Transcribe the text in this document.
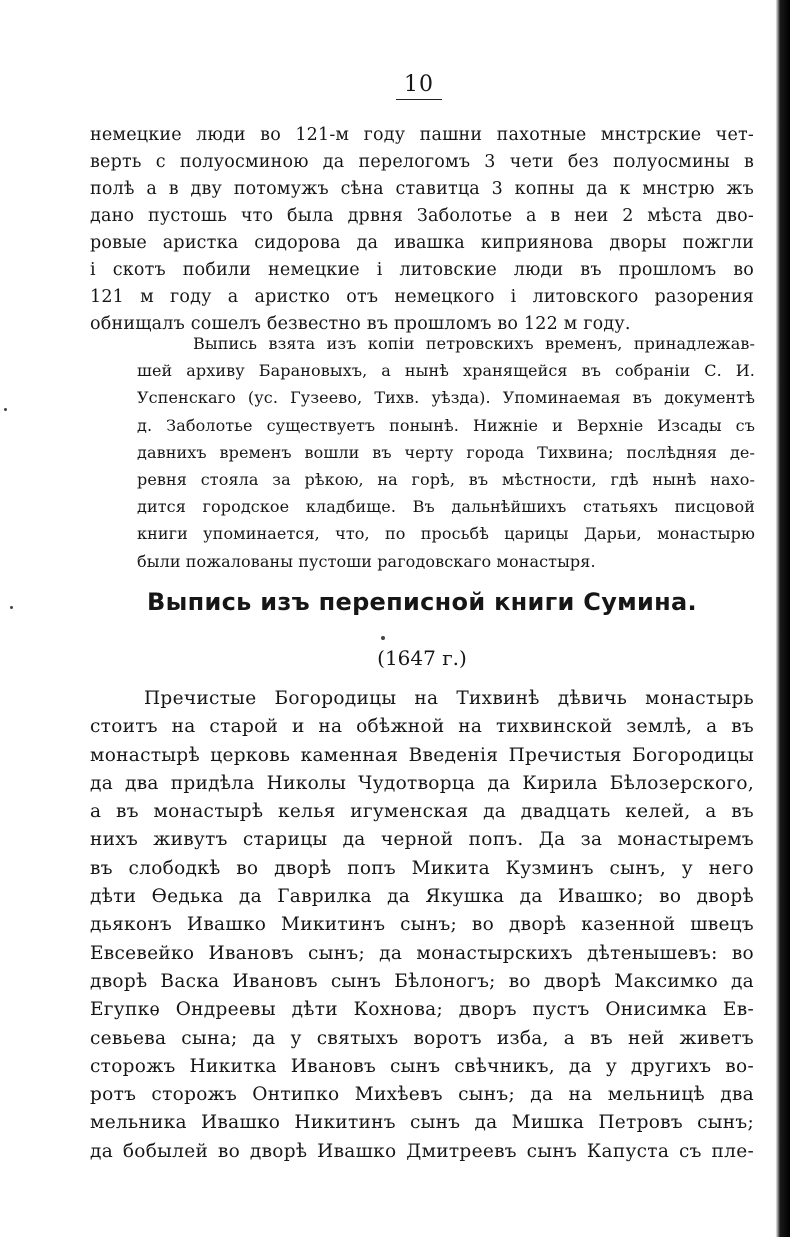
10
немецкие люди во 121-м году пашни пахотные мнстрские чет-
верть с полуосминою да перелогомъ 3 чети без полуосмины в
полѣ а в дву потомужъ сѣна ставитца 3 копны да к мнстрю жъ
дано пустошь что была дрвня Заболотье а в неи 2 мѣста дво-
ровые аристка сидорова да ивашка киприянова дворы пожгли
і скотъ побили немецкие і литовские люди въ прошломъ во
121 м году а аристко отъ немецкого і литовского разорения
обнищалъ сошелъ безвестно въ прошломъ во 122 м году.
Выпись взята изъ копіи петровскихъ временъ, принадлежав-
шей архиву Барановыхъ, а нынѣ хранящейся въ собраніи С. И.
Успенскаго (ус. Гузеево, Тихв. уѣзда). Упоминаемая въ документѣ
д. Заболотье существуетъ понынѣ. Нижніе и Верхніе Изсады съ
давнихъ временъ вошли въ черту города Тихвина; послѣдняя де-
ревня стояла за рѣкою, на горѣ, въ мѣстности, гдѣ нынѣ нахо-
дится городское кладбище. Въ дальнѣйшихъ статьяхъ писцовой
книги упоминается, что, по просьбѣ царицы Дарьи, монастырю
были пожалованы пустоши рагодовскаго монастыря.
Выпись изъ переписной книги Сумина.
(1647 г.)
Пречистые Богородицы на Тихвинѣ дѣвичь монастырь
стоитъ на старой и на обѣжной на тихвинской землѣ, а въ
монастырѣ церковь каменная Введенія Пречистыя Богородицы
да два придѣла Николы Чудотворца да Кирила Бѣлозерского,
а въ монастырѣ келья игуменская да двадцать келей, а въ
нихъ живутъ старицы да черной попъ. Да за монастыремъ
въ слободкѣ во дворѣ попъ Микита Кузминъ сынъ, у него
дѣти Ѳедька да Гаврилка да Якушка да Ивашко; во дворѣ
дьяконъ Ивашко Микитинъ сынъ; во дворѣ казенной швецъ
Евсевейко Ивановъ сынъ; да монастырскихъ дѣтенышевъ: во
дворѣ Васка Ивановъ сынъ Бѣлоногъ; во дворѣ Максимко да
Егупкѳ Ондреевы дѣти Кохнова; дворъ пустъ Онисимка Ев-
севьева сына; да у святыхъ воротъ изба, а въ ней живетъ
сторожъ Никитка Ивановъ сынъ свѣчникъ, да у другихъ во-
ротъ сторожъ Онтипко Михѣевъ сынъ; да на мельницѣ два
мельника Ивашко Никитинъ сынъ да Мишка Петровъ сынъ;
да бобылей во дворѣ Ивашко Дмитреевъ сынъ Капуста съ пле-
